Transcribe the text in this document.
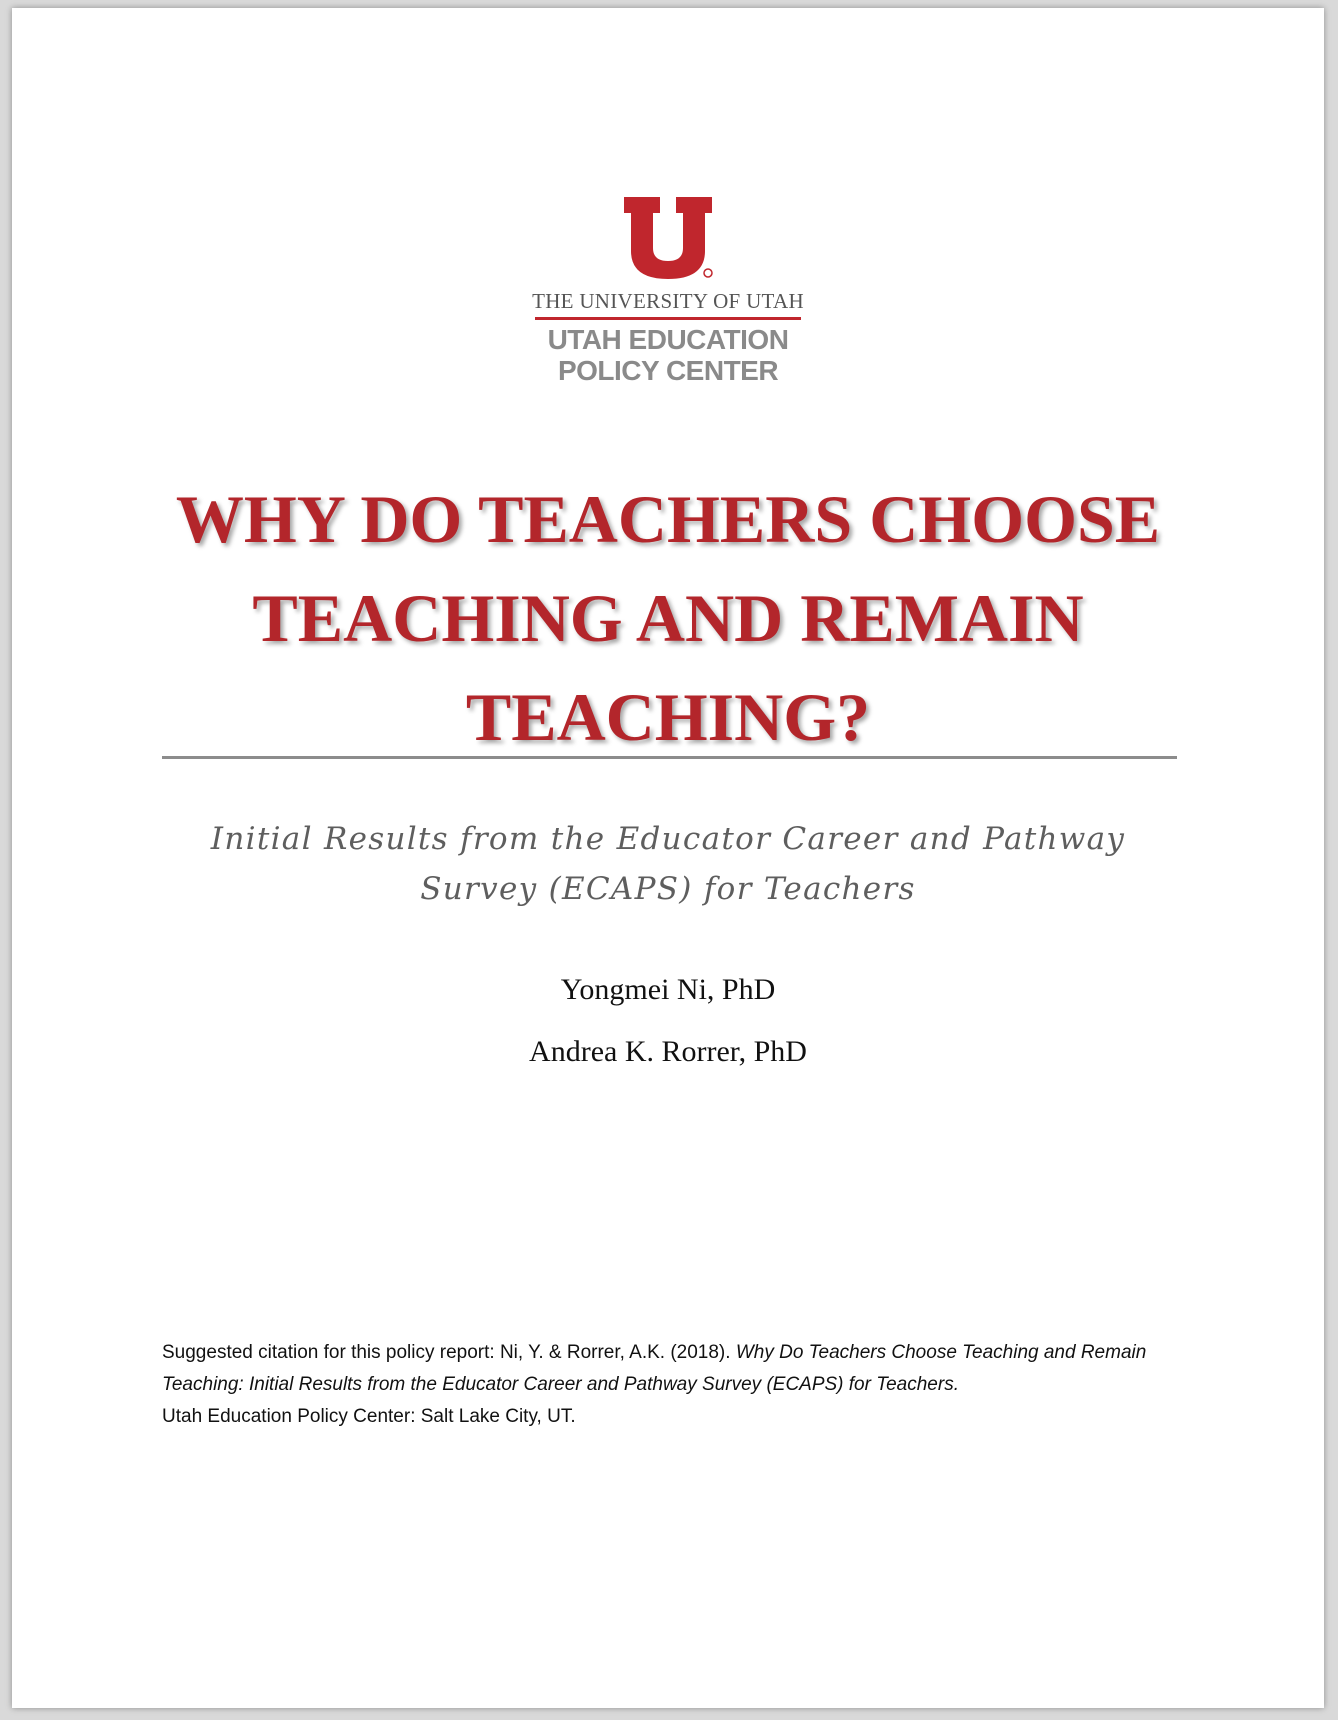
THE UNIVERSITY OF UTAH
UTAH EDUCATION
POLICY CENTER
WHY DO TEACHERS CHOOSE
TEACHING AND REMAIN
TEACHING?
Initial Results from the Educator Career and Pathway
Survey (ECAPS) for Teachers
Yongmei Ni, PhD
Andrea K. Rorrer, PhD
Suggested citation for this policy report: Ni, Y. & Rorrer, A.K. (2018). Why Do Teachers Choose Teaching and Remain Teaching: Initial Results from the Educator Career and Pathway Survey (ECAPS) for Teachers.
Utah Education Policy Center: Salt Lake City, UT.
